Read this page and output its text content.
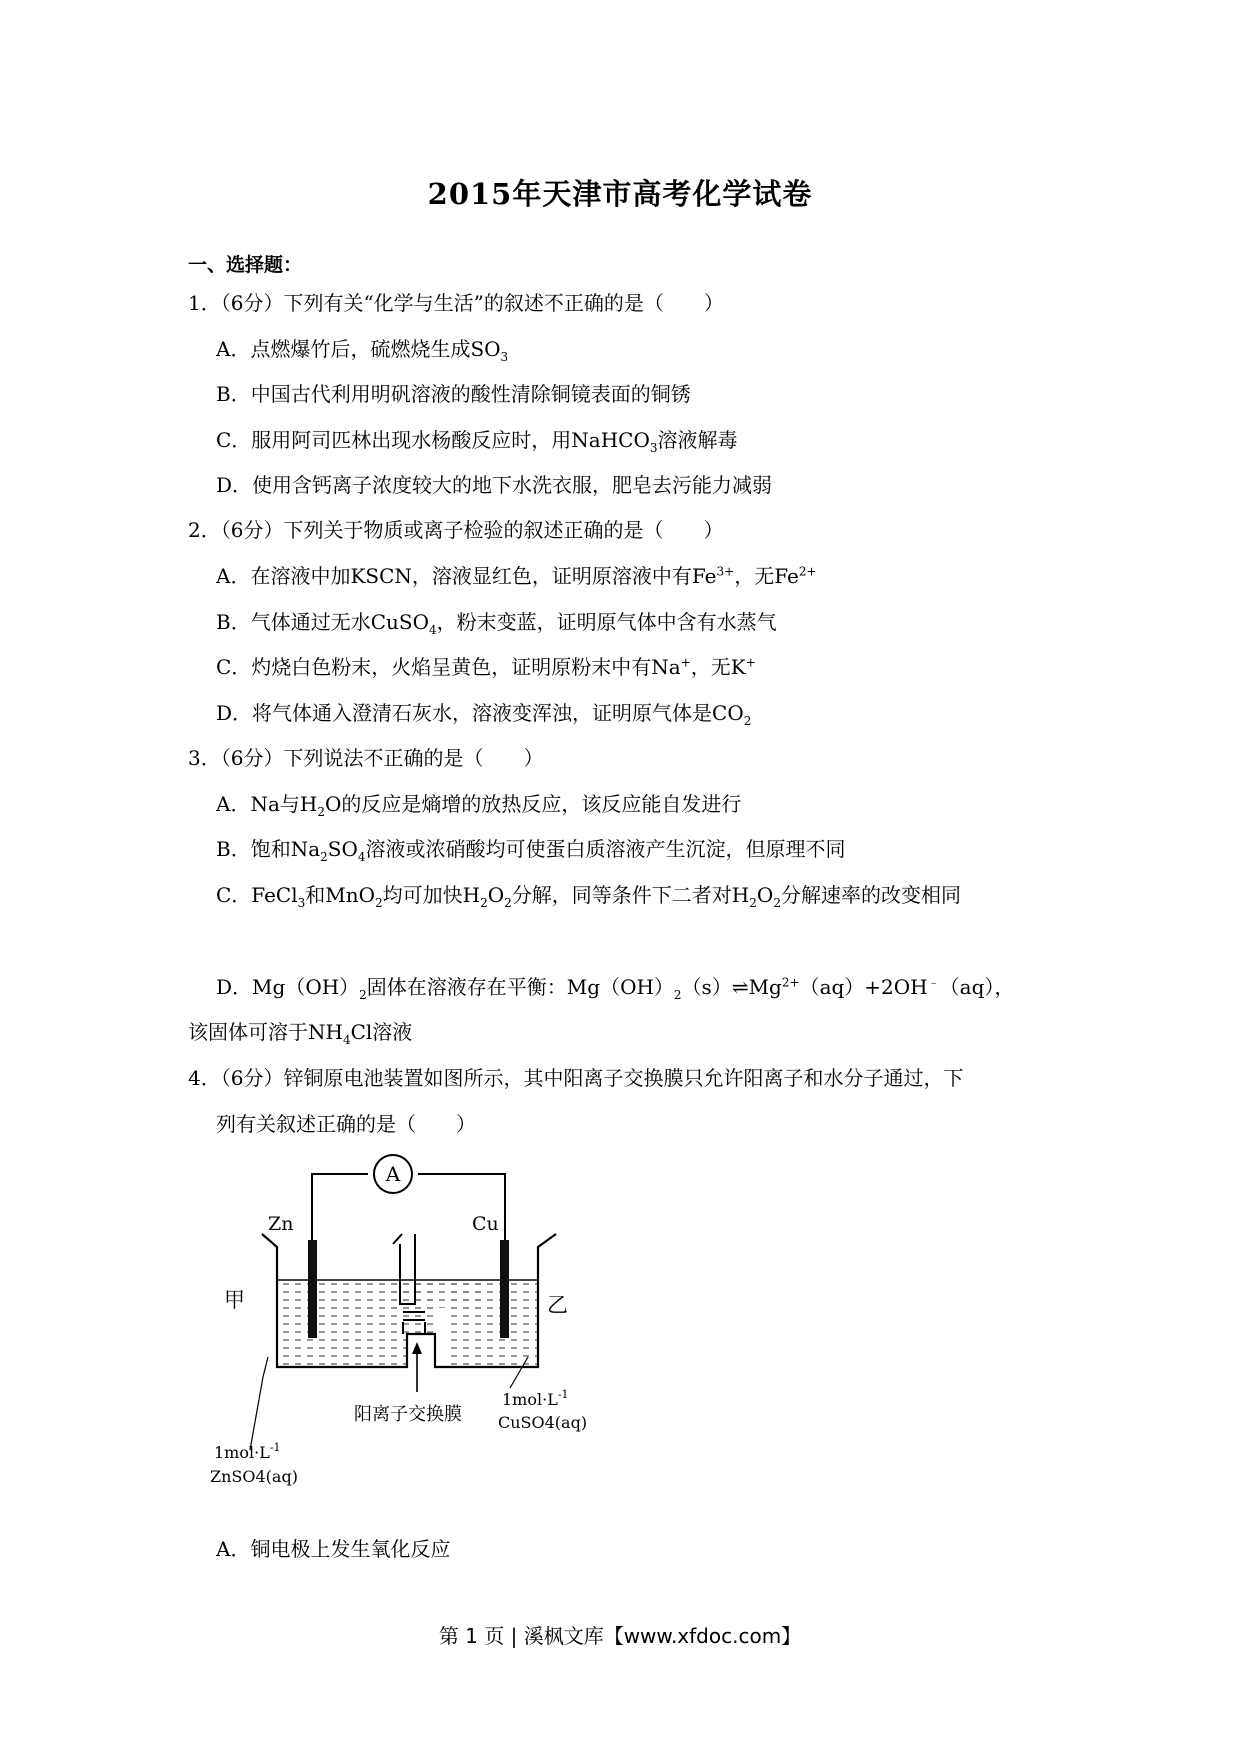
2015年天津市高考化学试卷
一、选择题：
1．（6分）下列有关“化学与生活”的叙述不正确的是（　　）
A．点燃爆竹后，硫燃烧生成$SO_3$
B．中国古代利用明矾溶液的酸性清除铜镜表面的铜锈
C．服用阿司匹林出现水杨酸反应时，用NaHCO$_3$溶液解毒
D．使用含钙离子浓度较大的地下水洗衣服，肥皂去污能力减弱
2．（6分）下列关于物质或离子检验的叙述正确的是（　　）
A．在溶液中加KSCN，溶液显红色，证明原溶液中有$Fe^{3+}$，无$Fe^{2+}$
B．气体通过无水CuSO$_4$，粉末变蓝，证明原气体中含有水蒸气
C．灼烧白色粉末，火焰呈黄色，证明原粉末中有Na+，无K+
D．将气体通入澄清石灰水，溶液变浑浊，证明原气体是$CO_2$
3．（6分）下列说法不正确的是（　　）
A．Na与$H_2O$的反应是熵增的放热反应，该反应能自发进行
B．饱和$Na_2SO_4$溶液或浓硝酸均可使蛋白质溶液产生沉淀，但原理不同
C．FeCl$_3$和MnO$_2$均可加快$H_2O_2$分解，同等条件下二者对$H_2O_2$分解速率的改变相同
D．$Mg(OH)_2$固体在溶液存在平衡：$Mg(OH)_2(s)\rightleftharpoons Mg^{2+}(aq)+2OH^﹣(aq)$，
该固体可溶于$NH_4Cl$溶液
4．（6分）锌铜原电池装置如图所示，其中阳离子交换膜只允许阳离子和水分子通过，下
列有关叙述正确的是（　　）
A
Zn	Cu
甲	乙
阳离子交换膜
$1mol\cdot L^{-1}$
ZnSO4(aq)
$1mol\cdot L^{-1}$
CuSO4(aq)
A．铜电极上发生氧化反应
第 1 页 | 溪枫文库【www.xfdoc.com】
